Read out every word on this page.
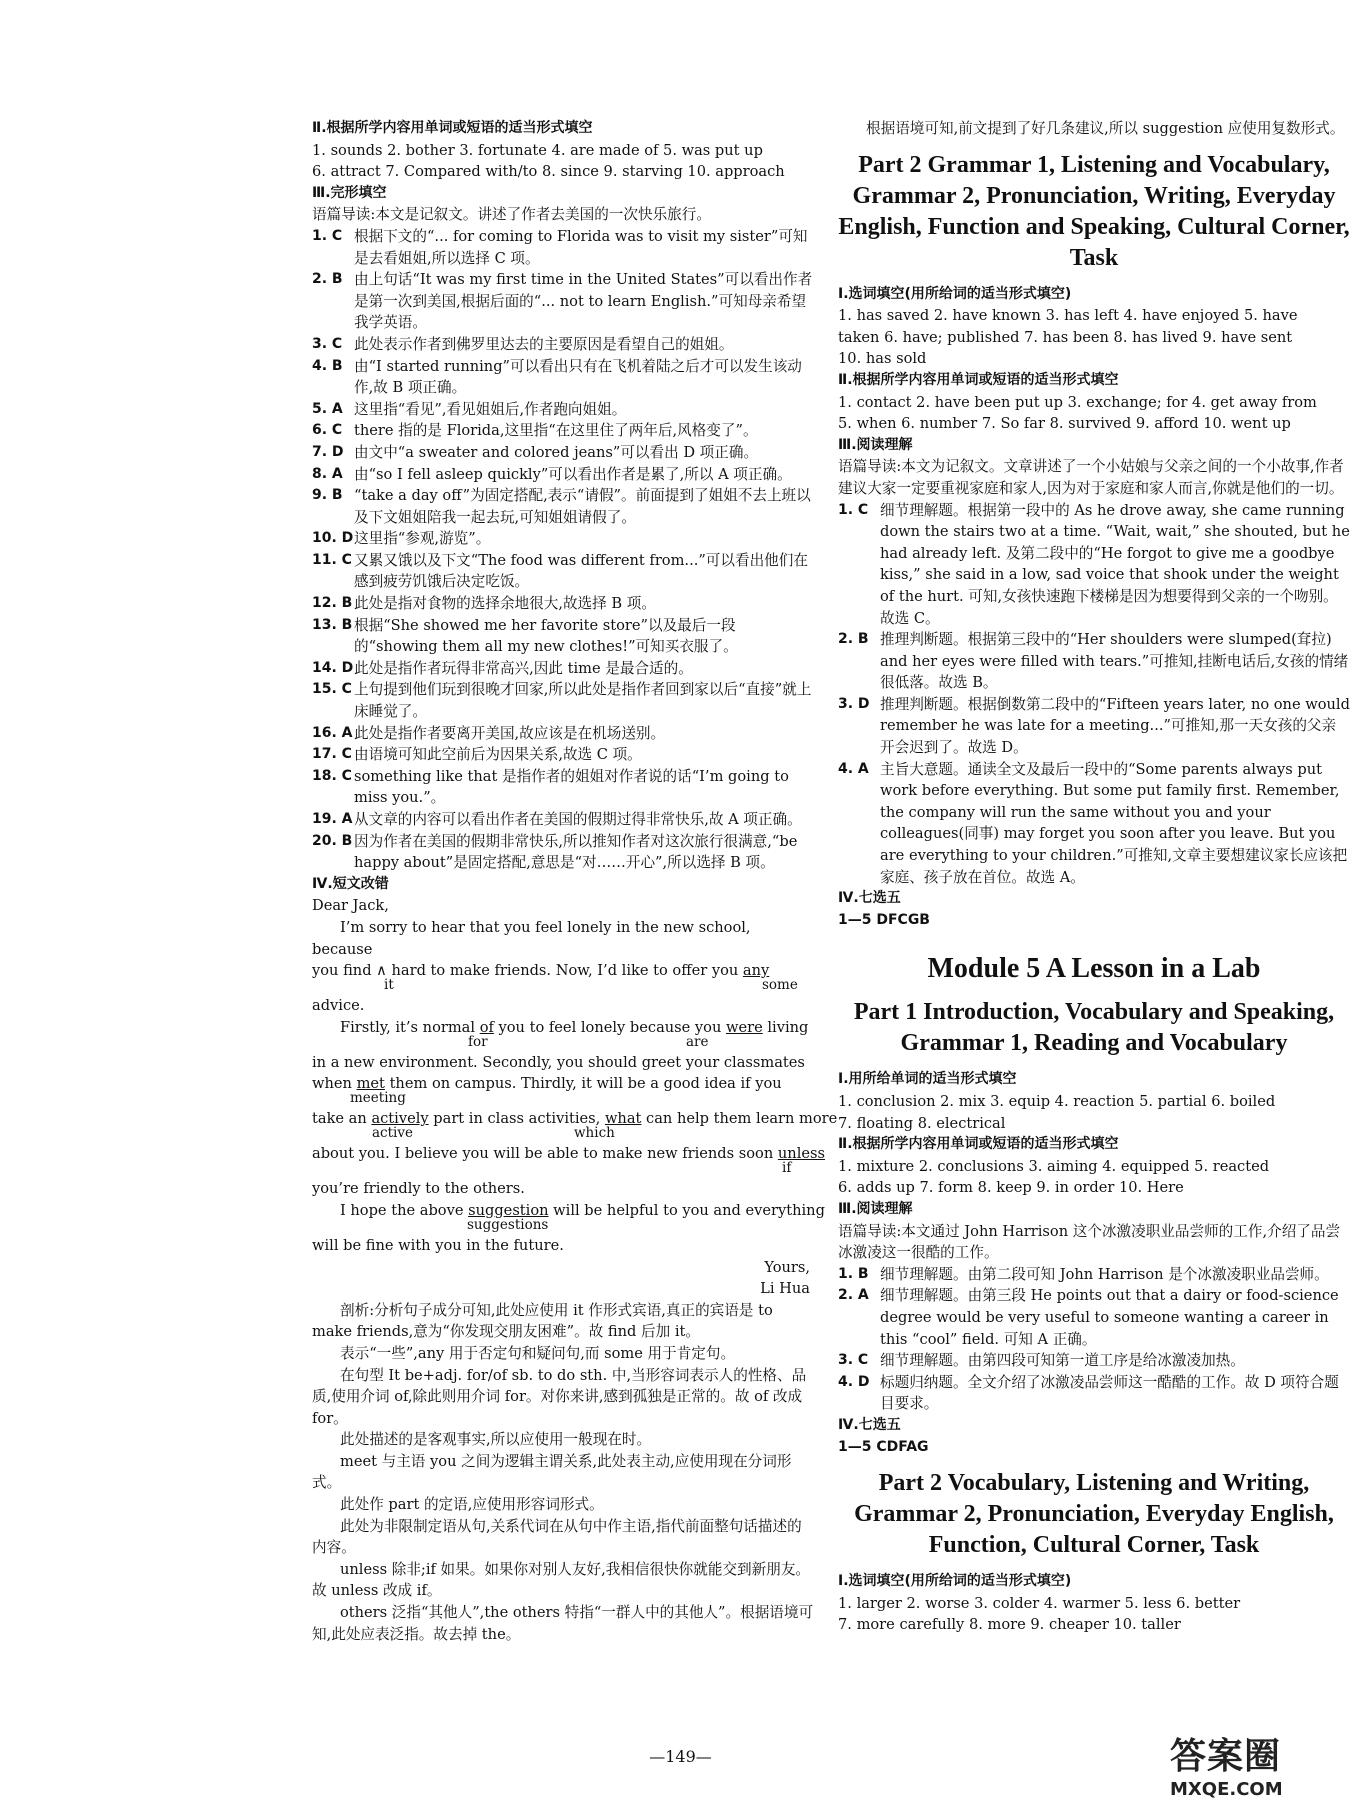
Ⅱ.根据所学内容用单词或短语的适当形式填空
1. sounds 2. bother 3. fortunate 4. are made of 5. was put up
6. attract 7. Compared with/to 8. since 9. starving 10. approach
Ⅲ.完形填空
语篇导读:本文是记叙文。讲述了作者去美国的一次快乐旅行。
1. C 根据下文的“... for coming to Florida was to visit my sister”可知是去看姐姐,所以选择 C 项。
2. B 由上句话“It was my first time in the United States”可以看出作者是第一次到美国,根据后面的“... not to learn English.”可知母亲希望我学英语。
3. C 此处表示作者到佛罗里达去的主要原因是看望自己的姐姐。
4. B 由“I started running”可以看出只有在飞机着陆之后才可以发生该动作,故 B 项正确。
5. A 这里指“看见”,看见姐姐后,作者跑向姐姐。
6. C there 指的是 Florida,这里指“在这里住了两年后,风格变了”。
7. D 由文中“a sweater and colored jeans”可以看出 D 项正确。
8. A 由“so I fell asleep quickly”可以看出作者是累了,所以 A 项正确。
9. B “take a day off”为固定搭配,表示“请假”。前面提到了姐姐不去上班以及下文姐姐陪我一起去玩,可知姐姐请假了。
10. D 这里指“参观,游览”。
11. C 又累又饿以及下文“The food was different from...”可以看出他们在感到疲劳饥饿后决定吃饭。
12. B 此处是指对食物的选择余地很大,故选择 B 项。
13. B 根据“She showed me her favorite store”以及最后一段的“showing them all my new clothes!”可知买衣服了。
14. D 此处是指作者玩得非常高兴,因此 time 是最合适的。
15. C 上句提到他们玩到很晚才回家,所以此处是指作者回到家以后“直接”就上床睡觉了。
16. A 此处是指作者要离开美国,故应该是在机场送别。
17. C 由语境可知此空前后为因果关系,故选 C 项。
18. C something like that 是指作者的姐姐对作者说的话“I’m going to miss you.”。
19. A 从文章的内容可以看出作者在美国的假期过得非常快乐,故 A 项正确。
20. B 因为作者在美国的假期非常快乐,所以推知作者对这次旅行很满意,“be happy about”是固定搭配,意思是“对……开心”,所以选择 B 项。
Ⅳ.短文改错
Dear Jack,
I’m sorry to hear that you feel lonely in the new school, because
you find ∧ hard to make friends. Now, I’d like to offer you any
it	some
advice.
Firstly, it’s normal of you to feel lonely because you were living
for	are
in a new environment. Secondly, you should greet your classmates
when met them on campus. Thirdly, it will be a good idea if you
meeting
take an actively part in class activities, what can help them learn more
active	which
about you. I believe you will be able to make new friends soon unless
if
you’re friendly to the others.
I hope the above suggestion will be helpful to you and everything
suggestions
will be fine with you in the future.
Yours,
Li Hua
剖析:分析句子成分可知,此处应使用 it 作形式宾语,真正的宾语是 to make friends,意为“你发现交朋友困难”。故 find 后加 it。
表示“一些”,any 用于否定句和疑问句,而 some 用于肯定句。
在句型 It be+adj. for/of sb. to do sth. 中,当形容词表示人的性格、品质,使用介词 of,除此则用介词 for。对你来讲,感到孤独是正常的。故 of 改成 for。
此处描述的是客观事实,所以应使用一般现在时。
meet 与主语 you 之间为逻辑主谓关系,此处表主动,应使用现在分词形式。
此处作 part 的定语,应使用形容词形式。
此处为非限制定语从句,关系代词在从句中作主语,指代前面整句话描述的内容。
unless 除非;if 如果。如果你对别人友好,我相信很快你就能交到新朋友。故 unless 改成 if。
others 泛指“其他人”,the others 特指“一群人中的其他人”。根据语境可知,此处应表泛指。故去掉 the。
根据语境可知,前文提到了好几条建议,所以 suggestion 应使用复数形式。
Part 2 Grammar 1, Listening and Vocabulary, Grammar 2, Pronunciation, Writing, Everyday English, Function and Speaking, Cultural Corner, Task
Ⅰ.选词填空(用所给词的适当形式填空)
1. has saved 2. have known 3. has left 4. have enjoyed 5. have
taken 6. have; published 7. has been 8. has lived 9. have sent
10. has sold
Ⅱ.根据所学内容用单词或短语的适当形式填空
1. contact 2. have been put up 3. exchange; for 4. get away from
5. when 6. number 7. So far 8. survived 9. afford 10. went up
Ⅲ.阅读理解
语篇导读:本文为记叙文。文章讲述了一个小姑娘与父亲之间的一个小故事,作者建议大家一定要重视家庭和家人,因为对于家庭和家人而言,你就是他们的一切。
1. C 细节理解题。根据第一段中的 As he drove away, she came running down the stairs two at a time. “Wait, wait,” she shouted, but he had already left. 及第二段中的“He forgot to give me a goodbye kiss,” she said in a low, sad voice that shook under the weight of the hurt. 可知,女孩快速跑下楼梯是因为想要得到父亲的一个吻别。故选 C。
2. B 推理判断题。根据第三段中的“Her shoulders were slumped(耷拉) and her eyes were filled with tears.”可推知,挂断电话后,女孩的情绪很低落。故选 B。
3. D 推理判断题。根据倒数第二段中的“Fifteen years later, no one would remember he was late for a meeting...”可推知,那一天女孩的父亲开会迟到了。故选 D。
4. A 主旨大意题。通读全文及最后一段中的“Some parents always put work before everything. But some put family first. Remember, the company will run the same without you and your colleagues(同事) may forget you soon after you leave. But you are everything to your children.”可推知,文章主要想建议家长应该把家庭、孩子放在首位。故选 A。
Ⅳ.七选五
1—5 DFCGB
Module 5 A Lesson in a Lab
Part 1 Introduction, Vocabulary and Speaking, Grammar 1, Reading and Vocabulary
Ⅰ.用所给单词的适当形式填空
1. conclusion 2. mix 3. equip 4. reaction 5. partial 6. boiled
7. floating 8. electrical
Ⅱ.根据所学内容用单词或短语的适当形式填空
1. mixture 2. conclusions 3. aiming 4. equipped 5. reacted
6. adds up 7. form 8. keep 9. in order 10. Here
Ⅲ.阅读理解
语篇导读:本文通过 John Harrison 这个冰激凌职业品尝师的工作,介绍了品尝冰激凌这一很酷的工作。
1. B 细节理解题。由第二段可知 John Harrison 是个冰激凌职业品尝师。
2. A 细节理解题。由第三段 He points out that a dairy or food-science degree would be very useful to someone wanting a career in this “cool” field. 可知 A 正确。
3. C 细节理解题。由第四段可知第一道工序是给冰激凌加热。
4. D 标题归纳题。全文介绍了冰激凌品尝师这一酷酷的工作。故 D 项符合题目要求。
Ⅳ.七选五
1—5 CDFAG
Part 2 Vocabulary, Listening and Writing, Grammar 2, Pronunciation, Everyday English, Function, Cultural Corner, Task
Ⅰ.选词填空(用所给词的适当形式填空)
1. larger 2. worse 3. colder 4. warmer 5. less 6. better
7. more carefully 8. more 9. cheaper 10. taller
—149—	答案圈
MXQE.COM
